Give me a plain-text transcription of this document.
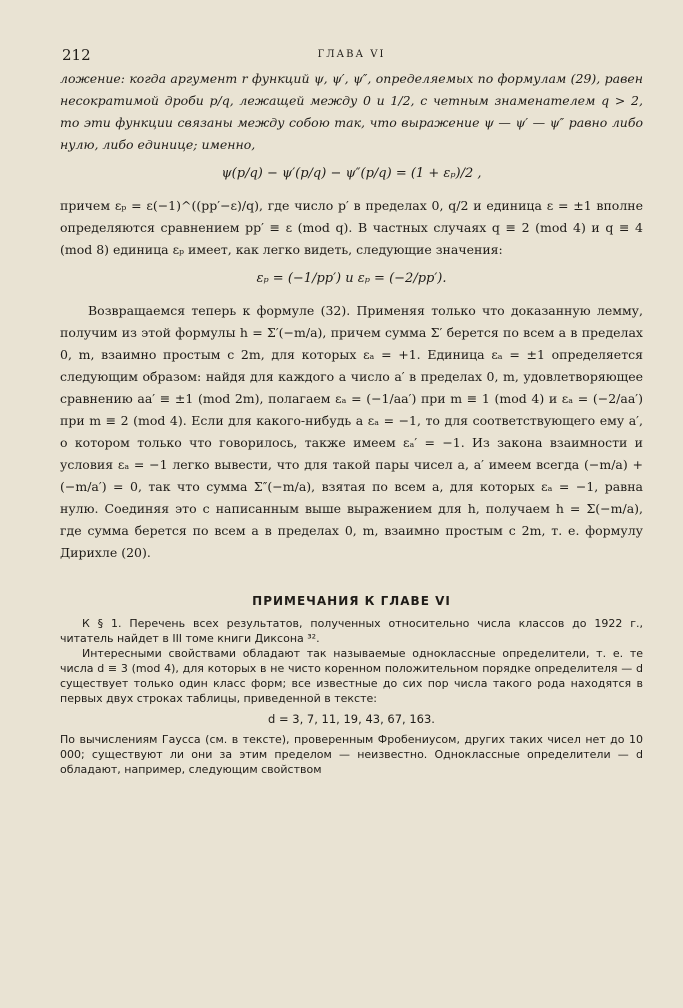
212	ГЛАВА VI

ложение: когда аргумент r функций ψ, ψ′, ψ″, определяемых по формулам (29), равен несократимой дроби p/q, лежащей между 0 и 1/2, с четным знаменателем q > 2, то эти функции связаны между собою так, что выражение ψ — ψ′ — ψ″ равно либо нулю, либо единице; именно,

ψ(p/q) − ψ′(p/q) − ψ″(p/q) = (1 + εₚ)/2 ,

причем εₚ = ε(−1)^((pp′−ε)/q), где число p′ в пределах 0, q/2 и единица ε = ±1 вполне определяются сравнением pp′ ≡ ε (mod q). В частных случаях q ≡ 2 (mod 4) и q ≡ 4 (mod 8) единица εₚ имеет, как легко видеть, следующие значения:

εₚ = (−1/pp′) и εₚ = (−2/pp′).

Возвращаемся теперь к формуле (32). Применяя только что доказанную лемму, получим из этой формулы h = Σ′(−m/a), причем сумма Σ′ берется по всем a в пределах 0, m, взаимно простым с 2m, для которых εₐ = +1. Единица εₐ = ±1 определяется следующим образом: найдя для каждого a число a′ в пределах 0, m, удовлетворяющее сравнению aa′ ≡ ±1 (mod 2m), полагаем εₐ = (−1/aa′) при m ≡ 1 (mod 4) и εₐ = (−2/aa′) при m ≡ 2 (mod 4). Если для какого-нибудь a εₐ = −1, то для соответствующего ему a′, о котором только что говорилось, также имеем εₐ′ = −1. Из закона взаимности и условия εₐ = −1 легко вывести, что для такой пары чисел a, a′ имеем всегда (−m/a) + (−m/a′) = 0, так что сумма Σ″(−m/a), взятая по всем a, для которых εₐ = −1, равна нулю. Соединяя это с написанным выше выражением для h, получаем h = Σ(−m/a), где сумма берется по всем a в пределах 0, m, взаимно простым с 2m, т. е. формулу Дирихле (20).

ПРИМЕЧАНИЯ К ГЛАВЕ VI

К § 1. Перечень всех результатов, полученных относительно числа классов до 1922 г., читатель найдет в III томе книги Диксона ³².

Интересными свойствами обладают так называемые одноклассные определители, т. е. те числа d ≡ 3 (mod 4), для которых в не чисто коренном положительном порядке определителя — d существует только один класс форм; все известные до сих пор числа такого рода находятся в первых двух строках таблицы, приведенной в тексте:

d = 3, 7, 11, 19, 43, 67, 163.

По вычислениям Гаусса (см. в тексте), проверенным Фробениусом, других таких чисел нет до 10 000; существуют ли они за этим пределом — неизвестно. Одноклассные определители — d обладают, например, следующим свойством
